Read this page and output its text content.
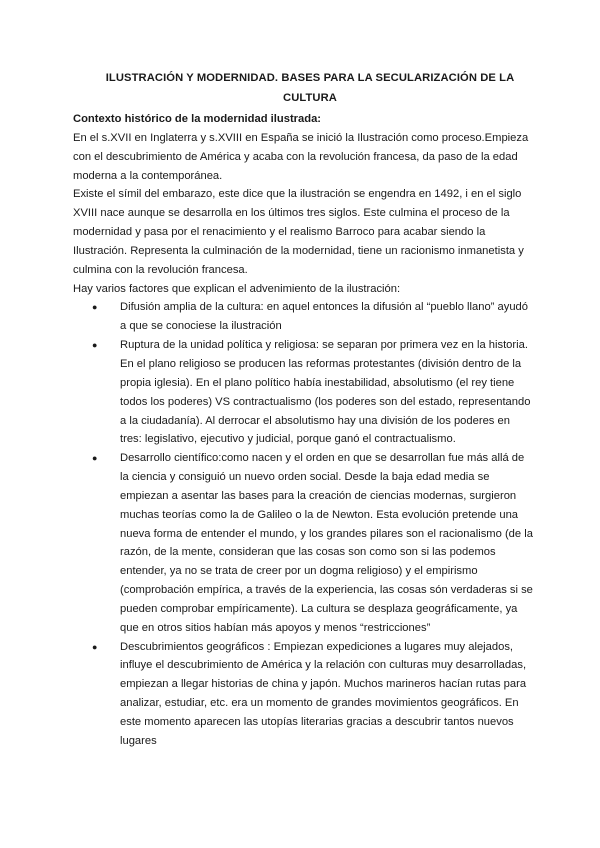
ILUSTRACIÓN Y MODERNIDAD. BASES PARA LA SECULARIZACIÓN DE LA CULTURA

Contexto histórico de la modernidad ilustrada:

En el s.XVII en Inglaterra y s.XVIII en España se inició la Ilustración como proceso.Empieza con el descubrimiento de América y acaba con la revolución francesa, da paso de la edad moderna a la contemporánea.

Existe el símil del embarazo, este dice que la ilustración se engendra en 1492, i en el siglo XVIII nace aunque se desarrolla en los últimos tres siglos. Este culmina el proceso de la modernidad y pasa por el renacimiento y el realismo Barroco para acabar siendo la Ilustración. Representa la culminación de la modernidad, tiene un racionismo inmanetista y culmina con la revolución francesa.

Hay varios factores que explican el advenimiento de la ilustración:

● Difusión amplia de la cultura: en aquel entonces la difusión al “pueblo llano” ayudó a que se conociese la ilustración
● Ruptura de la unidad política y religiosa: se separan por primera vez en la historia. En el plano religioso se producen las reformas protestantes (división dentro de la propia iglesia). En el plano político había inestabilidad, absolutismo (el rey tiene todos los poderes) VS contractualismo (los poderes son del estado, representando a la ciudadanía). Al derrocar el absolutismo hay una división de los poderes en tres: legislativo, ejecutivo y judicial, porque ganó el contractualismo.
● Desarrollo científico:como nacen y el orden en que se desarrollan fue más allá de la ciencia y consiguió un nuevo orden social. Desde la baja edad media se empiezan a asentar las bases para la creación de ciencias modernas, surgieron muchas teorías como la de Galileo o la de Newton. Esta evolución pretende una nueva forma de entender el mundo, y los grandes pilares son el racionalismo (de la razón, de la mente, consideran que las cosas son como son si las podemos entender, ya no se trata de creer por un dogma religioso) y el empirismo (comprobación empírica, a través de la experiencia, las cosas són verdaderas si se pueden comprobar empíricamente). La cultura se desplaza geográficamente, ya que en otros sitios habían más apoyos y menos “restricciones”
● Descubrimientos geográficos : Empiezan expediciones a lugares muy alejados, influye el descubrimiento de América y la relación con culturas muy desarrolladas, empiezan a llegar historias de china y japón. Muchos marineros hacían rutas para analizar, estudiar, etc. era un momento de grandes movimientos geográficos. En este momento aparecen las utopías literarias gracias a descubrir tantos nuevos lugares
